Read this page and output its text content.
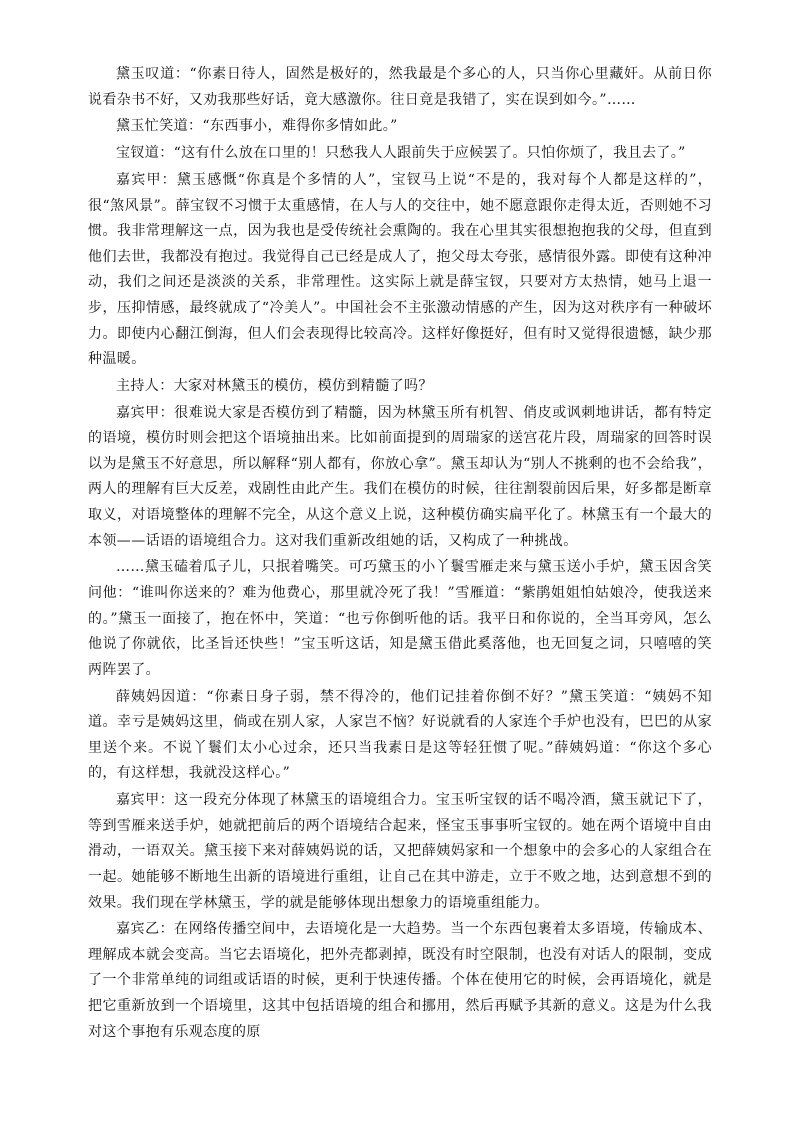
黛玉叹道：“你素日待人，固然是极好的，然我最是个多心的人，只当你心里藏奸。从前日你说看杂书不好，又劝我那些好话，竟大感激你。往日竟是我错了，实在误到如今。”……

黛玉忙笑道：“东西事小，难得你多情如此。”

宝钗道：“这有什么放在口里的！只愁我人人跟前失于应候罢了。只怕你烦了，我且去了。”

嘉宾甲：黛玉感慨“你真是个多情的人”，宝钗马上说“不是的，我对每个人都是这样的”，很“煞风景”。薛宝钗不习惯于太重感情，在人与人的交往中，她不愿意跟你走得太近，否则她不习惯。我非常理解这一点，因为我也是受传统社会熏陶的。我在心里其实很想抱抱我的父母，但直到他们去世，我都没有抱过。我觉得自己已经是成人了，抱父母太夸张，感情很外露。即使有这种冲动，我们之间还是淡淡的关系，非常理性。这实际上就是薛宝钗，只要对方太热情，她马上退一步，压抑情感，最终就成了“冷美人”。中国社会不主张激动情感的产生，因为这对秩序有一种破坏力。即使内心翻江倒海，但人们会表现得比较高冷。这样好像挺好，但有时又觉得很遗憾，缺少那种温暖。

主持人：大家对林黛玉的模仿，模仿到精髓了吗？

嘉宾甲：很难说大家是否模仿到了精髓，因为林黛玉所有机智、俏皮或讽刺地讲话，都有特定的语境，模仿时则会把这个语境抽出来。比如前面提到的周瑞家的送宫花片段，周瑞家的回答时误以为是黛玉不好意思，所以解释“别人都有，你放心拿”。黛玉却认为“别人不挑剩的也不会给我”，两人的理解有巨大反差，戏剧性由此产生。我们在模仿的时候，往往割裂前因后果，好多都是断章取义，对语境整体的理解不完全，从这个意义上说，这种模仿确实扁平化了。林黛玉有一个最大的本领——话语的语境组合力。这对我们重新改组她的话，又构成了一种挑战。

……黛玉磕着瓜子儿，只抿着嘴笑。可巧黛玉的小丫鬟雪雁走来与黛玉送小手炉，黛玉因含笑问他：“谁叫你送来的？难为他费心，那里就冷死了我！”雪雁道：“紫鹃姐姐怕姑娘冷，使我送来的。”黛玉一面接了，抱在怀中，笑道：“也亏你倒听他的话。我平日和你说的，全当耳旁风，怎么他说了你就依，比圣旨还快些！”宝玉听这话，知是黛玉借此奚落他，也无回复之词，只嘻嘻的笑两阵罢了。

薛姨妈因道：“你素日身子弱，禁不得冷的，他们记挂着你倒不好？”黛玉笑道：“姨妈不知道。幸亏是姨妈这里，倘或在别人家，人家岂不恼？好说就看的人家连个手炉也没有，巴巴的从家里送个来。不说丫鬟们太小心过余，还只当我素日是这等轻狂惯了呢。”薛姨妈道：“你这个多心的，有这样想，我就没这样心。”

嘉宾甲：这一段充分体现了林黛玉的语境组合力。宝玉听宝钗的话不喝冷酒，黛玉就记下了，等到雪雁来送手炉，她就把前后的两个语境结合起来，怪宝玉事事听宝钗的。她在两个语境中自由滑动，一语双关。黛玉接下来对薛姨妈说的话，又把薛姨妈家和一个想象中的会多心的人家组合在一起。她能够不断地生出新的语境进行重组，让自己在其中游走，立于不败之地，达到意想不到的效果。我们现在学林黛玉，学的就是能够体现出想象力的语境重组能力。

嘉宾乙：在网络传播空间中，去语境化是一大趋势。当一个东西包裹着太多语境，传输成本、理解成本就会变高。当它去语境化，把外壳都剥掉，既没有时空限制，也没有对话人的限制，变成了一个非常单纯的词组或话语的时候，更利于快速传播。个体在使用它的时候，会再语境化，就是把它重新放到一个语境里，这其中包括语境的组合和挪用，然后再赋予其新的意义。这是为什么我对这个事抱有乐观态度的原
